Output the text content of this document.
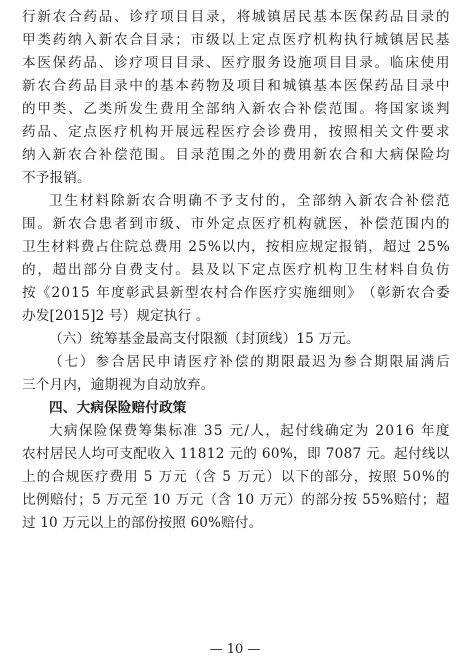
行 新 农 合 药 品 、 诊 疗 项 目 目 录 ， 将 城 镇 居 民 基 本 医 保 药 品 目 录 的
甲 类 药 纳 入 新 农 合 目 录 ； 市 级 以 上 定 点 医 疗 机 构 执 行 城 镇 居 民 基
本 医 保 药 品 、 诊 疗 项 目 目 录 、 医 疗 服 务 设 施 项 目 目 录 。 临 床 使 用
新 农 合 药 品 目 录 中 的 基 本 药 物 及 项 目 和 城 镇 基 本 医 保 药 品 目 录 中
的 甲 类 、 乙 类 所 发 生 费 用 全 部 纳 入 新 农 合 补 偿 范 围 。 将 国 家 谈 判
药 品 、 定 点 医 疗 机 构 开 展 远 程 医 疗 会 诊 费 用 ， 按 照 相 关 文 件 要 求
纳 入 新 农 合 补 偿 范 围 。 目 录 范 围 之 外 的 费 用 新 农 合 和 大 病 保 险 均
不予报销。
卫 生 材 料 除 新 农 合 明 确 不 予 支 付 的 ， 全 部 纳 入 新 农 合 补 偿 范
围 。 新 农 合 患 者 到 市 级 、 市 外 定 点 医 疗 机 构 就 医 ， 补 偿 范 围 内 的
卫 生 材 料 费 占 住 院 总 费 用
2 5 % 以 内 ， 按 相 应 规 定 报 销 ， 超 过
2 5 %
的 ， 超 出 部 分 自 费 支 付 。 县 及 以 下 定 点 医 疗 机 构 卫 生 材 料 自 负 仿
按 《 2 0 1 5
年 度 彰 武 县 新 型 农 村 合 作 医 疗 实 施 细 则 》 （ 彰 新 农 合 委
办发[2015]2 号）规定执行 。
（六）统筹基金最高支付限额（封顶线）15 万元。
（ 七 ） 参 合 居 民 申 请 医 疗 补 偿 的 期 限 最 迟 为 参 合 期 限 届 满 后
三个月内，逾期视为自动放弃。
四、大病保险赔付政策
大 病 保 险 保 费 筹 集 标 准
3 5
元 / 人 ， 起 付 线 确 定 为
2 0 1 6
年 度
农 村 居 民 人 均 可 支 配 收 入
1 1 8 1 2
元 的
6 0 % ， 即
7 0 8 7
元 。 起 付 线 以
上 的 合 规 医 疗 费 用
5
万 元 （ 含
5
万 元 ） 以 下 的 部 分 ， 按 照
5 0 % 的
比 例 赔 付 ； 5
万 元 至
1 0
万 元 （ 含
1 0
万 元 ） 的 部 分 按
5 5 % 赔 付 ； 超
过 10 万元以上的部份按照 60%赔付。
— 10 —
